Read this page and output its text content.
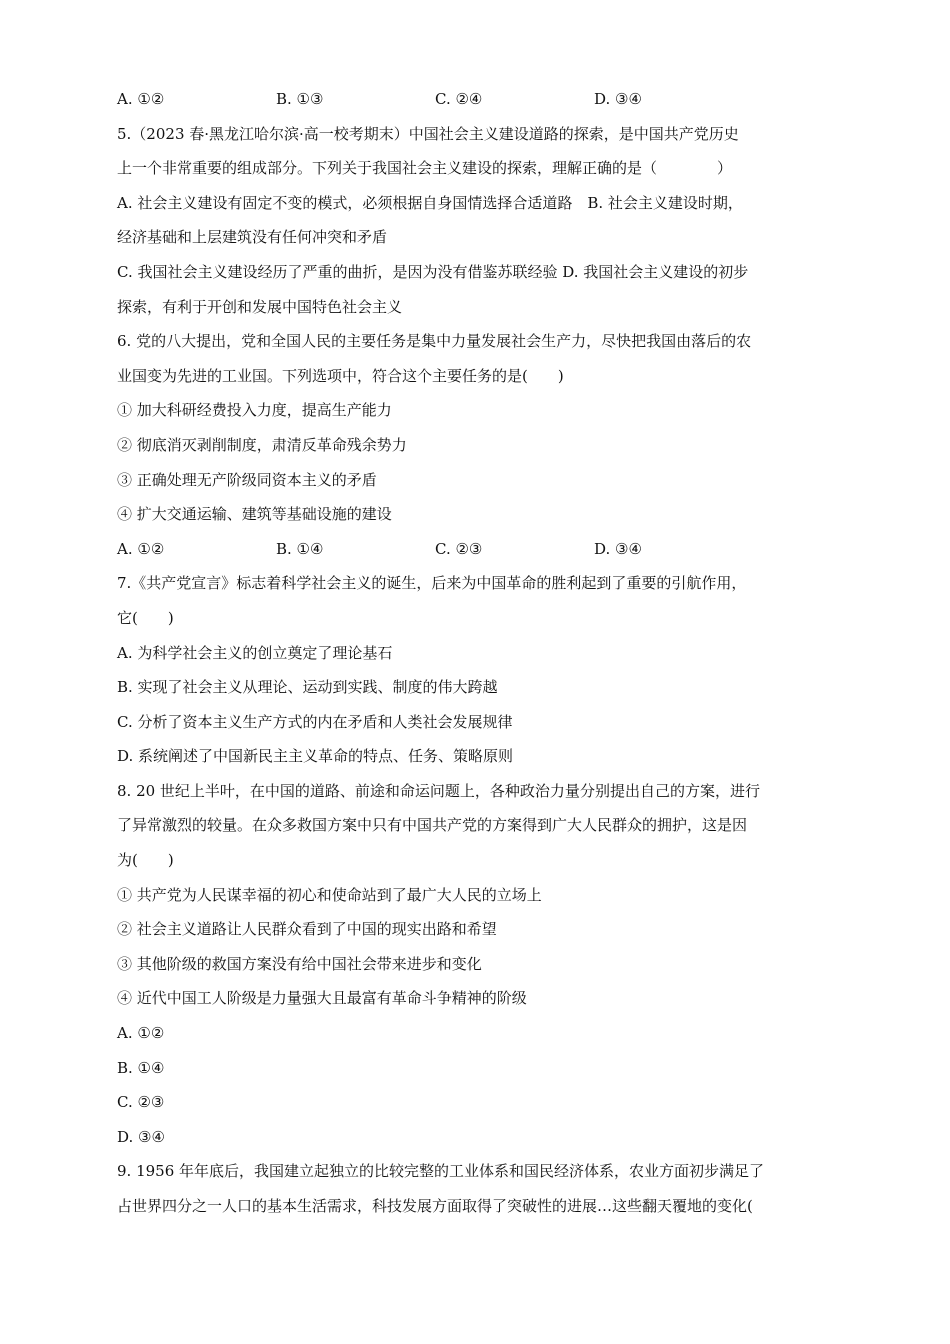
A. ①②	B. ①③	C. ②④	D. ③④
5.（2023 春·黑龙江哈尔滨·高一校考期末）中国社会主义建设道路的探索，是中国共产党历史
上一个非常重要的组成部分。下列关于我国社会主义建设的探索，理解正确的是（　　　　）
A. 社会主义建设有固定不变的模式，必须根据自身国情选择合适道路　B. 社会主义建设时期，
经济基础和上层建筑没有任何冲突和矛盾
C. 我国社会主义建设经历了严重的曲折，是因为没有借鉴苏联经验 D. 我国社会主义建设的初步
探索，有利于开创和发展中国特色社会主义
6. 党的八大提出，党和全国人民的主要任务是集中力量发展社会生产力，尽快把我国由落后的农
业国变为先进的工业国。下列选项中，符合这个主要任务的是(　　)
① 加大科研经费投入力度，提高生产能力
② 彻底消灭剥削制度，肃清反革命残余势力
③ 正确处理无产阶级同资本主义的矛盾
④ 扩大交通运输、建筑等基础设施的建设
A. ①②	B. ①④	C. ②③	D. ③④
7.《共产党宣言》标志着科学社会主义的诞生，后来为中国革命的胜利起到了重要的引航作用，
它(　　)
A. 为科学社会主义的创立奠定了理论基石
B. 实现了社会主义从理论、运动到实践、制度的伟大跨越
C. 分析了资本主义生产方式的内在矛盾和人类社会发展规律
D. 系统阐述了中国新民主主义革命的特点、任务、策略原则
8. 20 世纪上半叶，在中国的道路、前途和命运问题上，各种政治力量分别提出自己的方案，进行
了异常激烈的较量。在众多救国方案中只有中国共产党的方案得到广大人民群众的拥护，这是因
为(　　)
① 共产党为人民谋幸福的初心和使命站到了最广大人民的立场上
② 社会主义道路让人民群众看到了中国的现实出路和希望
③ 其他阶级的救国方案没有给中国社会带来进步和变化
④ 近代中国工人阶级是力量强大且最富有革命斗争精神的阶级
A. ①②
B. ①④
C. ②③
D. ③④
9. 1956 年年底后，我国建立起独立的比较完整的工业体系和国民经济体系，农业方面初步满足了
占世界四分之一人口的基本生活需求，科技发展方面取得了突破性的进展…这些翻天覆地的变化(
